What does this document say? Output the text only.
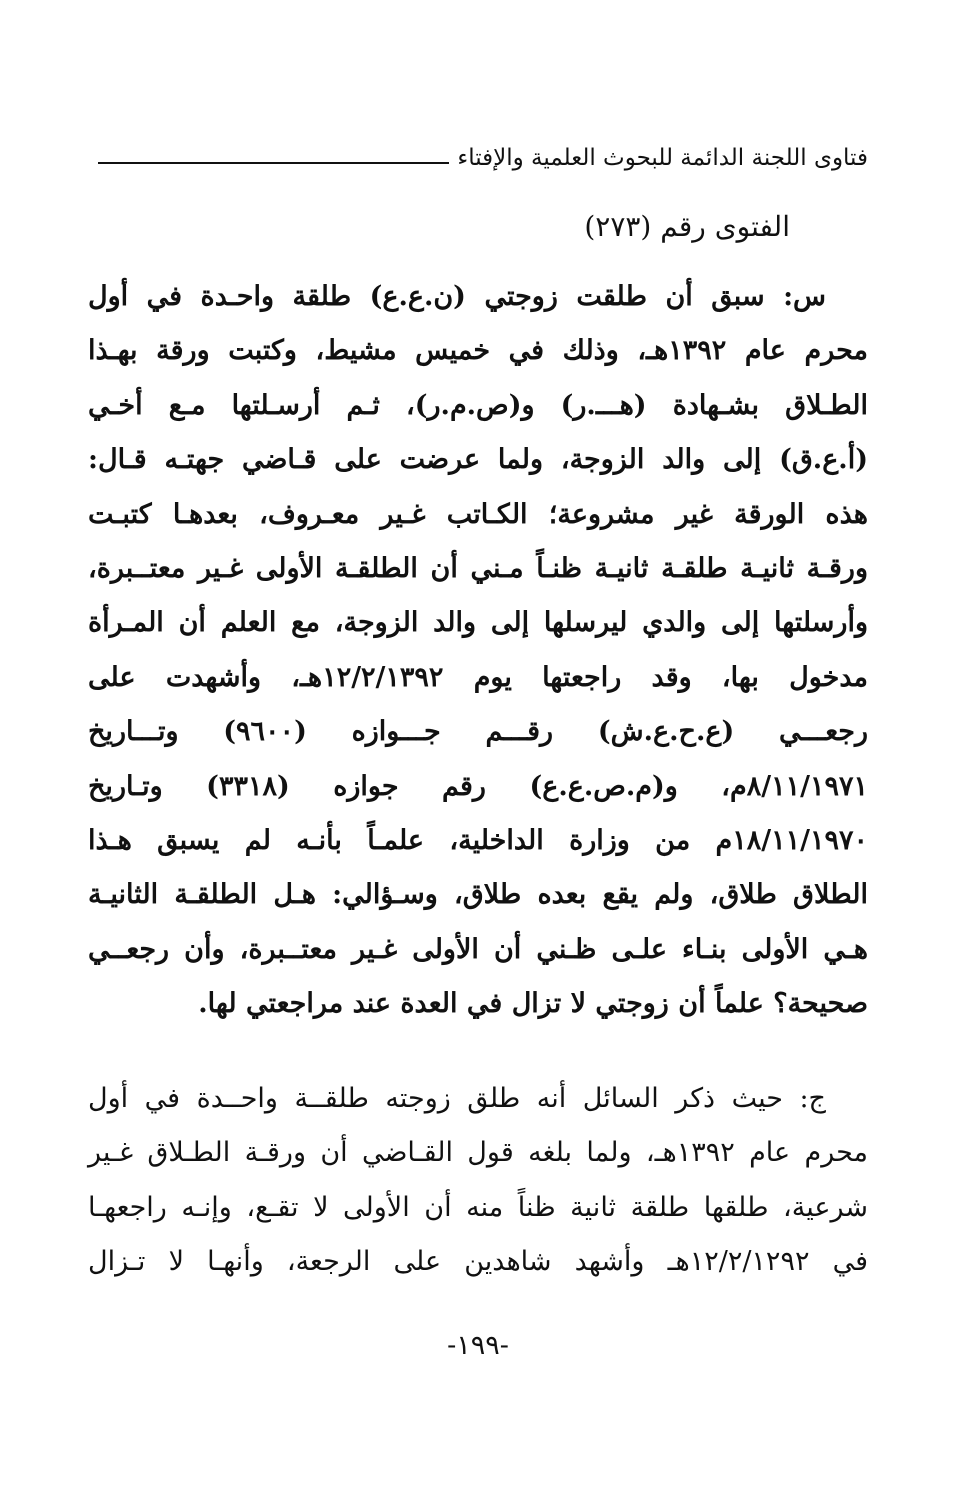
فتاوى اللجنة الدائمة للبحوث العلمية والإفتاء
الفتوى رقم (٢٧٣)
س: سبق أن طلقت زوجتي (ن.ع.ع) طلقة واحـدة في أول
محرم عام ١٣٩٢هـ، وذلك في خميس مشيط، وكتبت ورقة بهـذا
الطـلاق بشـهادة (هـــ.ر) و(ص.م.ر)، ثـم أرسـلتها مـع أخـي
(أ.ع.ق) إلى والد الزوجة، ولما عرضت على قـاضي جهتـه قـال:
هذه الورقة غير مشروعة؛ الكـاتب غـير معـروف، بعدهـا كتبـت
ورقـة ثانيـة طلقـة ثانيـة ظنـاً مـني أن الطلقـة الأولى غـير معتــبرة،
وأرسلتها إلى والدي ليرسلها إلى والد الزوجة، مع العلم أن المـرأة
مدخول بها، وقد راجعتها يوم ١٢/٢/١٣٩٢هـ، وأشهدت على
رجعـــي (ع.ح.ع.ش) رقـــم جـــوازه (٩٦٠٠) وتـــاريخ
٨/١١/١٩٧١م، و(م.ص.ع.ع) رقم جوازه (٣٣١٨) وتـاريخ
١٨/١١/١٩٧٠م من وزارة الداخلية، علمـاً بأنـه لم يسبق هـذا
الطلاق طلاق، ولم يقع بعده طلاق، وسـؤالي: هـل الطلقـة الثانيـة
هـي الأولى بنـاء علـى ظـني أن الأولى غـير معتــبرة، وأن رجعــي
صحيحة؟ علماً أن زوجتي لا تزال في العدة عند مراجعتي لها.
ج: حيث ذكر السائل أنه طلق زوجته طلقــة واحــدة في أول
محرم عام ١٣٩٢هـ، ولما بلغه قول القـاضي أن ورقـة الطـلاق غـير
شرعية، طلقها طلقة ثانية ظناً منه أن الأولى لا تقـع، وإنـه راجعهـا
في ١٢/٢/١٢٩٢هـ وأشهد شاهدين على الرجعة، وأنهـا لا تـزال
-١٩٩-
